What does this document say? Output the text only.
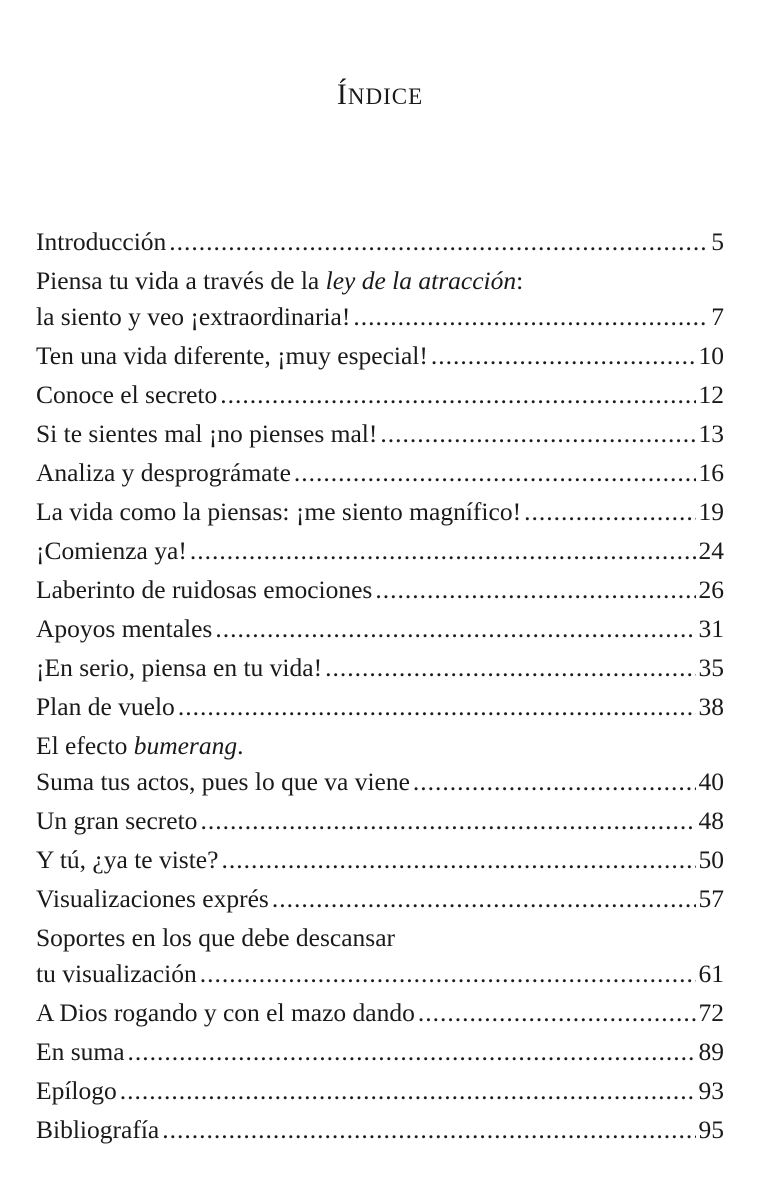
ÍNDICE
Introducción .....	5
Piensa tu vida a través de la ley de la atracción:
la siento y veo ¡extraordinaria! .....	7
Ten una vida diferente, ¡muy especial! .....	10
Conoce el secreto .....	12
Si te sientes mal ¡no pienses mal! .....	13
Analiza y desprográmate .....	16
La vida como la piensas: ¡me siento magnífico! .....	19
¡Comienza ya! .....	24
Laberinto de ruidosas emociones .....	26
Apoyos mentales .....	31
¡En serio, piensa en tu vida! .....	35
Plan de vuelo .....	38
El efecto bumerang.
Suma tus actos, pues lo que va viene .....	40
Un gran secreto .....	48
Y tú, ¿ya te viste? .....	50
Visualizaciones exprés .....	57
Soportes en los que debe descansar
tu visualización .....	61
A Dios rogando y con el mazo dando .....	72
En suma .....	89
Epílogo .....	93
Bibliografía .....	95
